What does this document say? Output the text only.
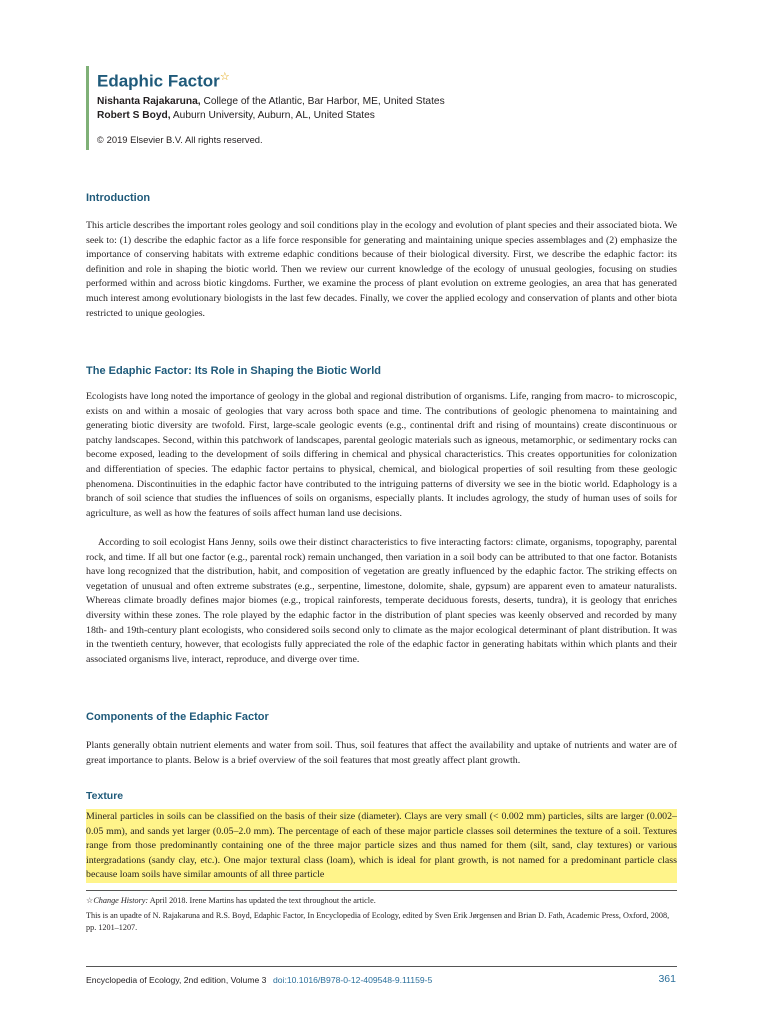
Edaphic Factor☆

Nishanta Rajakaruna, College of the Atlantic, Bar Harbor, ME, United States

Robert S Boyd, Auburn University, Auburn, AL, United States

© 2019 Elsevier B.V. All rights reserved.
Introduction

This article describes the important roles geology and soil conditions play in the ecology and evolution of plant species and their associated biota. We seek to: (1) describe the edaphic factor as a life force responsible for generating and maintaining unique species assemblages and (2) emphasize the importance of conserving habitats with extreme edaphic conditions because of their biological diversity. First, we describe the edaphic factor: its definition and role in shaping the biotic world. Then we review our current knowledge of the ecology of unusual geologies, focusing on studies performed within and across biotic kingdoms. Further, we examine the process of plant evolution on extreme geologies, an area that has generated much interest among evolutionary biologists in the last few decades. Finally, we cover the applied ecology and conservation of plants and other biota restricted to unique geologies.

The Edaphic Factor: Its Role in Shaping the Biotic World

Ecologists have long noted the importance of geology in the global and regional distribution of organisms. Life, ranging from macro- to microscopic, exists on and within a mosaic of geologies that vary across both space and time. The contributions of geologic phenomena to maintaining and generating biotic diversity are twofold. First, large-scale geologic events (e.g., continental drift and rising of mountains) create discontinuous or patchy landscapes. Second, within this patchwork of landscapes, parental geologic materials such as igneous, metamorphic, or sedimentary rocks can become exposed, leading to the development of soils differing in chemical and physical characteristics. This creates opportunities for colonization and differentiation of species. The edaphic factor pertains to physical, chemical, and biological properties of soil resulting from these geologic phenomena. Discontinuities in the edaphic factor have contributed to the intriguing patterns of diversity we see in the biotic world. Edaphology is a branch of soil science that studies the influences of soils on organisms, especially plants. It includes agrology, the study of human uses of soils for agriculture, as well as how the features of soils affect human land use decisions.

According to soil ecologist Hans Jenny, soils owe their distinct characteristics to five interacting factors: climate, organisms, topography, parental rock, and time. If all but one factor (e.g., parental rock) remain unchanged, then variation in a soil body can be attributed to that one factor. Botanists have long recognized that the distribution, habit, and composition of vegetation are greatly influenced by the edaphic factor. The striking effects on vegetation of unusual and often extreme substrates (e.g., serpentine, limestone, dolomite, shale, gypsum) are apparent even to amateur naturalists. Whereas climate broadly defines major biomes (e.g., tropical rainforests, temperate deciduous forests, deserts, tundra), it is geology that enriches diversity within these zones. The role played by the edaphic factor in the distribution of plant species was keenly observed and recorded by many 18th- and 19th-century plant ecologists, who considered soils second only to climate as the major ecological determinant of plant distribution. It was in the twentieth century, however, that ecologists fully appreciated the role of the edaphic factor in generating habitats within which plants and their associated organisms live, interact, reproduce, and diverge over time.

Components of the Edaphic Factor

Plants generally obtain nutrient elements and water from soil. Thus, soil features that affect the availability and uptake of nutrients and water are of great importance to plants. Below is a brief overview of the soil features that most greatly affect plant growth.

Texture

Mineral particles in soils can be classified on the basis of their size (diameter). Clays are very small (< 0.002 mm) particles, silts are larger (0.002–0.05 mm), and sands yet larger (0.05–2.0 mm). The percentage of each of these major particle classes soil determines the texture of a soil. Textures range from those predominantly containing one of the three major particle sizes and thus named for them (silt, sand, clay textures) or various intergradations (sandy clay, etc.). One major textural class (loam), which is ideal for plant growth, is not named for a predominant particle class because loam soils have similar amounts of all three particle

☆Change History: April 2018. Irene Martins has updated the text throughout the article.

This is an upadte of N. Rajakaruna and R.S. Boyd, Edaphic Factor, In Encyclopedia of Ecology, edited by Sven Erik Jørgensen and Brian D. Fath, Academic Press, Oxford, 2008, pp. 1201–1207.

Encyclopedia of Ecology, 2nd edition, Volume 3 doi:10.1016/B978-0-12-409548-9.11159-5	361
